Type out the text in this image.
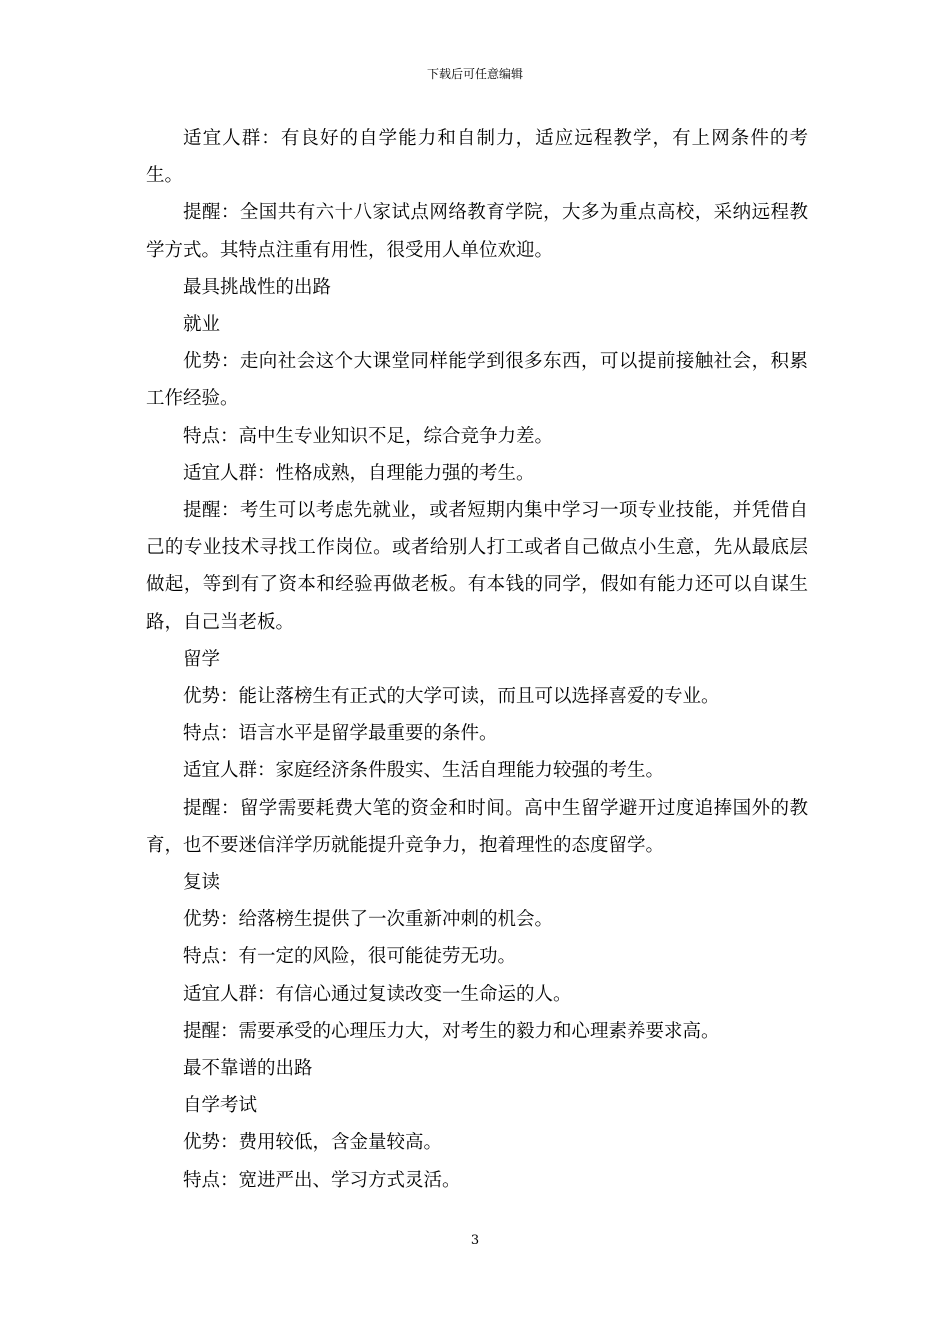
下载后可任意编辑

适宜人群：有良好的自学能力和自制力，适应远程教学，有上网条件的考生。

提醒：全国共有六十八家试点网络教育学院，大多为重点高校，采纳远程教学方式。其特点注重有用性，很受用人单位欢迎。

最具挑战性的出路

就业

优势：走向社会这个大课堂同样能学到很多东西，可以提前接触社会，积累工作经验。

特点：高中生专业知识不足，综合竞争力差。

适宜人群：性格成熟，自理能力强的考生。

提醒：考生可以考虑先就业，或者短期内集中学习一项专业技能，并凭借自己的专业技术寻找工作岗位。或者给别人打工或者自己做点小生意，先从最底层做起，等到有了资本和经验再做老板。有本钱的同学，假如有能力还可以自谋生路，自己当老板。

留学

优势：能让落榜生有正式的大学可读，而且可以选择喜爱的专业。

特点：语言水平是留学最重要的条件。

适宜人群：家庭经济条件殷实、生活自理能力较强的考生。

提醒：留学需要耗费大笔的资金和时间。高中生留学避开过度追捧国外的教育，也不要迷信洋学历就能提升竞争力，抱着理性的态度留学。

复读

优势：给落榜生提供了一次重新冲刺的机会。

特点：有一定的风险，很可能徒劳无功。

适宜人群：有信心通过复读改变一生命运的人。

提醒：需要承受的心理压力大，对考生的毅力和心理素养要求高。

最不靠谱的出路

自学考试

优势：费用较低，含金量较高。

特点：宽进严出、学习方式灵活。

3
